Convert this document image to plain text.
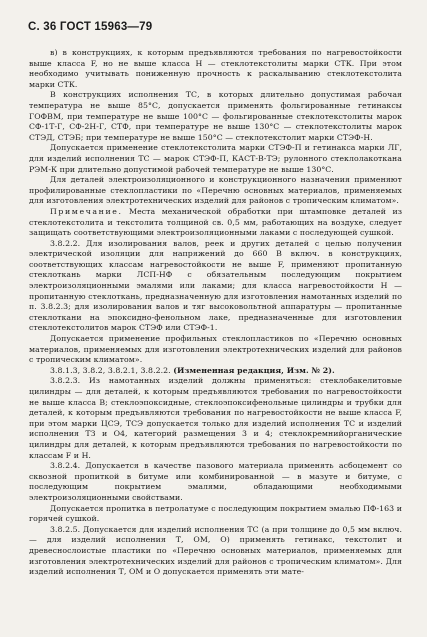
С. 36 ГОСТ 15963—79

в) в конструкциях, к которым предъявляются требования по нагревостойкости выше класса F, но не выше класса Н — стеклотекстолиты марки СТК. При этом необходимо учитывать пониженную прочность к раскалыванию стеклотекстолита марки СТК.

В конструкциях исполнения ТС, в которых длительно допустимая рабочая температура не выше 85°С, допускается применять фольгированные гетинаксы ГОФВМ, при температуре не выше 100°С — фольгированные стеклотекстолиты марок СФ-1Т-Г, СФ-2Н-Г, СТФ, при температуре не выше 130°С — стеклотекстолиты марок СТЭД, СТЭБ; при температуре не выше 150°С — стеклотекстолит марки СТЭФ-Н.

Допускается применение стеклотекстолита марки СТЭФ-П и гетинакса марки ЛГ, для изделий исполнения ТС — марок СТЭФ-П, КАСТ-В-ТЭ; рулонного стеклолакоткана РЭМ-К при длительно допустимой рабочей температуре не выше 130°С.

Для деталей электроизоляционного и конструкционного назначения применяют профилированные стеклопластики по «Перечню основных материалов, применяемых для изготовления электротехнических изделий для районов с тропическим климатом».

Примечание. Места механической обработки при штамповке деталей из стеклотекстолита и текстолита толщиной св. 0,5 мм, работающих на воздухе, следует защищать соответствующими электроизоляционными лаками с последующей сушкой.

3.8.2.2. Для изолирования валов, реек и других деталей с целью получения электрической изоляции для напряжений до 660 В включ. в конструкциях, соответствующих классам нагревостойкости не выше F, применяют пропитанную стеклоткань марки ЛСП-НФ с обязательным последующим покрытием электроизоляционными эмалями или лаками; для класса нагревостойкости Н — пропитанную стеклоткань, предназначенную для изготовления намотанных изделий по п. 3.8.2.3; для изолирования валов и тяг высоковольтной аппаратуры — пропитанные стеклоткани на эпоксидно-фенольном лаке, предназначенные для изготовления стеклотекстолитов марок СТЭФ или СТЭФ-1.

Допускается применение профильных стеклопластиков по «Перечню основных материалов, применяемых для изготовления электротехнических изделий для районов с тропическим климатом».

3.8.1.3, 3.8.2, 3.8.2.1, 3.8.2.2. (Измененная редакция, Изм. № 2).

3.8.2.3. Из намотанных изделий должны применяться: стеклобакелитовые цилиндры — для деталей, к которым предъявляются требования по нагревостойкости не выше класса В; стеклоэпоксидные, стеклоэпоксифенольные цилиндры и трубки для деталей, к которым предъявляются требования по нагревостойкости не выше класса F, при этом марки ЦСЭ, ТСЭ допускается только для изделий исполнения ТС и изделий исполнения ТЗ и О4, категорий размещения 3 и 4; стеклокремнийорганические цилиндры для деталей, к которым предъявляются требования по нагревостойкости по классам F и Н.

3.8.2.4. Допускается в качестве пазового материала применять асбоцемент со сквозной пропиткой в битуме или комбинированной — в мазуте и битуме, с последующим покрытием эмалями, обладающими необходимыми электроизоляционными свойствами.

Допускается пропитка в петролатуме с последующим покрытием эмалью ПФ-163 и горячей сушкой.

3.8.2.5. Допускается для изделий исполнения ТС (а при толщине до 0,5 мм включ. — для изделий исполнения Т, ОМ, О) применять гетинакс, текстолит и древеснослоистые пластики по «Перечню основных материалов, применяемых для изготовления электротехнических изделий для районов с тропическим климатом». Для изделий исполнения Т, ОМ и О допускается применять эти мате-
